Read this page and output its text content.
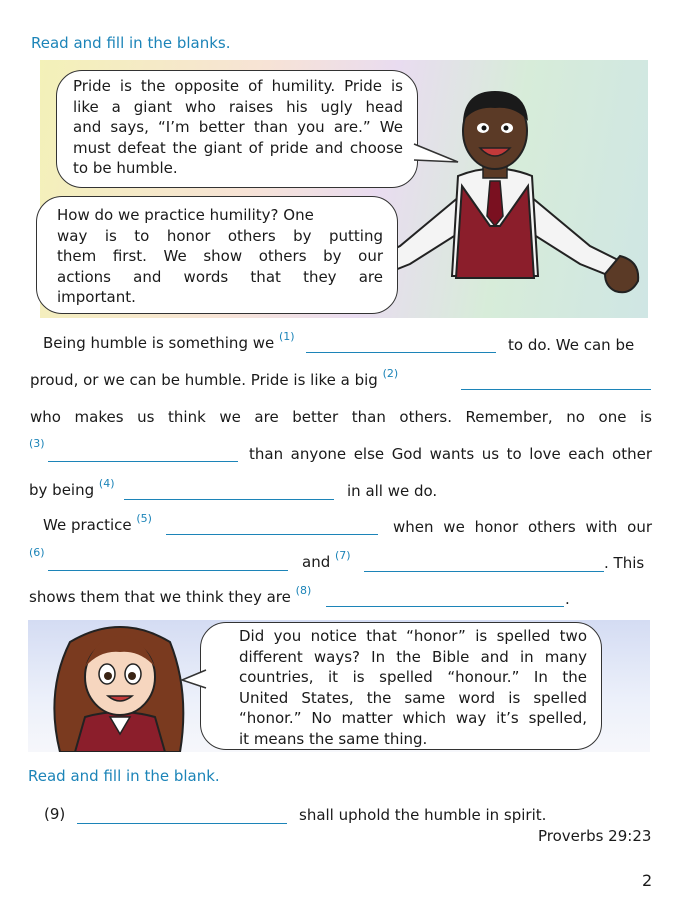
Read and fill in the blanks.
Pride is the opposite of humility. Pride is
like a giant who raises his ugly head
and says, “I’m better than you are.” We
must defeat the giant of pride and choose
to be humble.
How do we practice humility? One
way is to honor others by putting
them first. We show others by our
actions and words that they are
important.
Being humble is something we $^{(1)}$	to do. We can be
proud, or we can be humble. Pride is like a big $^{(2)}$
who makes us think we are better than others. Remember, no one is
(3)
than anyone else God wants us to love each other
by being $^{(4)}$	in all we do.
We practice $^{(5)}$	when we honor others with our
(6)
and $^{(7)}$	. This
shows them that we think they are $^{(8)}$	.
Did you notice that “honor” is spelled two
different ways? In the Bible and in many
countries, it is spelled “honour.” In the
United States, the same word is spelled
“honor.” No matter which way it’s spelled,
it means the same thing.
Read and fill in the blank.
(9)	shall uphold the humble in spirit.
Proverbs 29:23
2
